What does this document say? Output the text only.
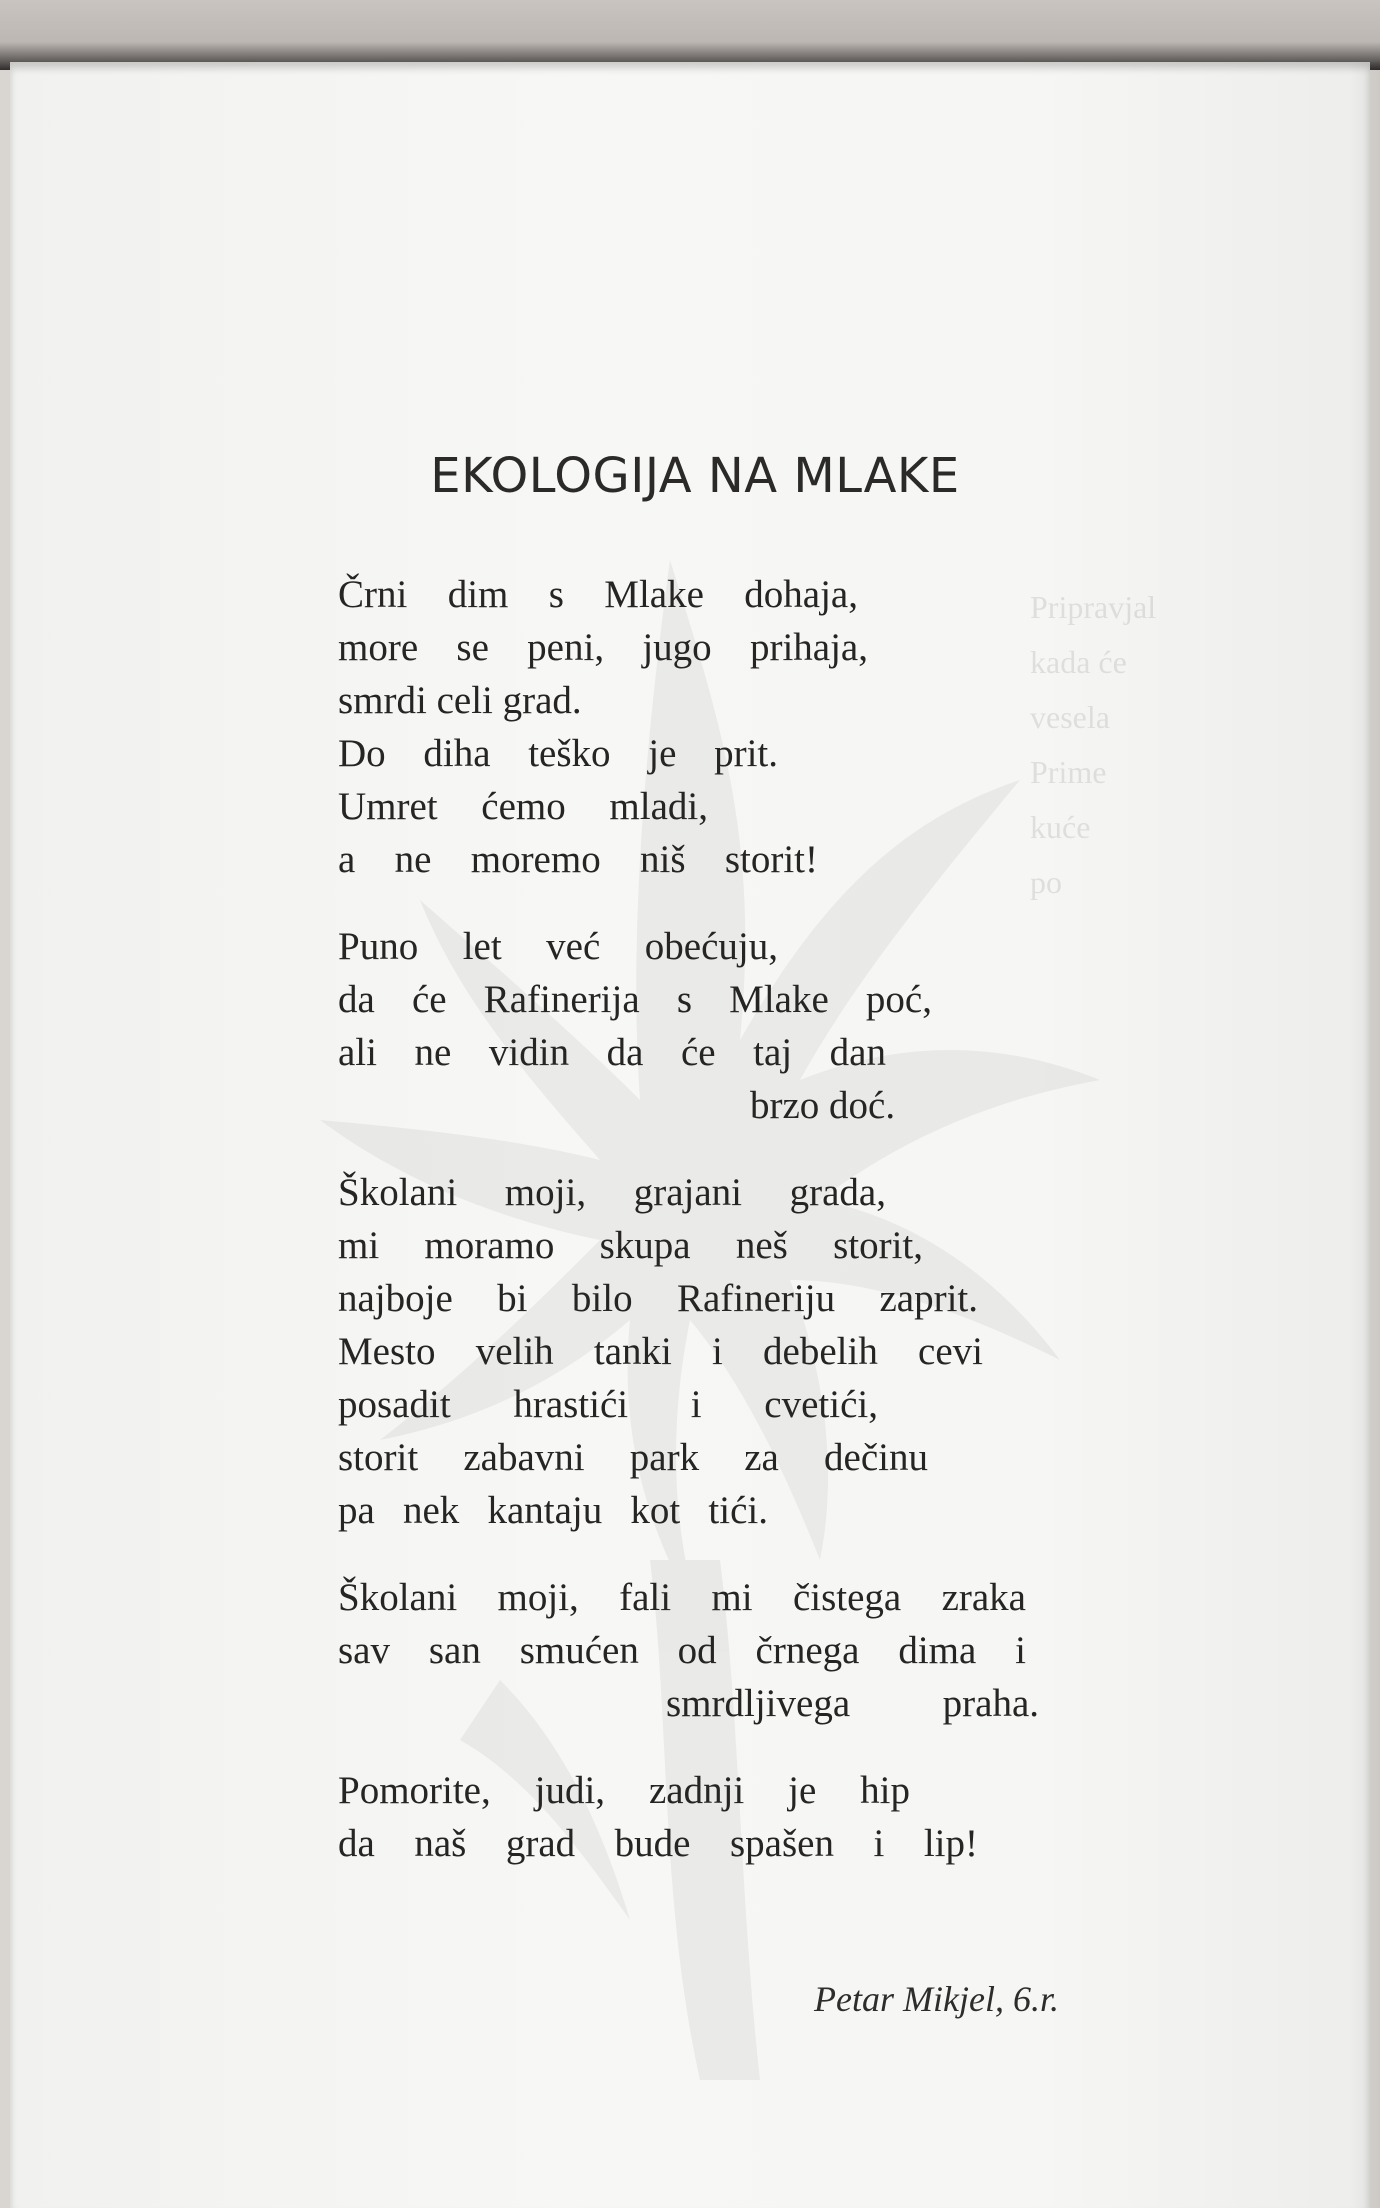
Pripravjal
kada će
vesela
Prime
kuće
po

EKOLOGIJA NA MLAKE
Črni dim s Mlake dohaja,
more se peni, jugo prihaja,
smrdi celi grad.
Do diha teško je prit.
Umret ćemo mladi,
a ne moremo niš storit!
Puno let već obećuju,
da će Rafinerija s Mlake poć,
ali ne vidin da će taj dan
brzo doć.
Školani moji, grajani grada,
mi moramo skupa neš storit,
najboje bi bilo Rafineriju zaprit.
Mesto velih tanki i debelih cevi
posadit hrastići i cvetići,
storit zabavni park za dečinu
pa nek kantaju kot tići.
Školani moji, fali mi čistega zraka
sav san smućen od črnega dima i
smrdljivega praha.
Pomorite, judi, zadnji je hip
da naš grad bude spašen i lip!
Petar Mikjel, 6.r.
